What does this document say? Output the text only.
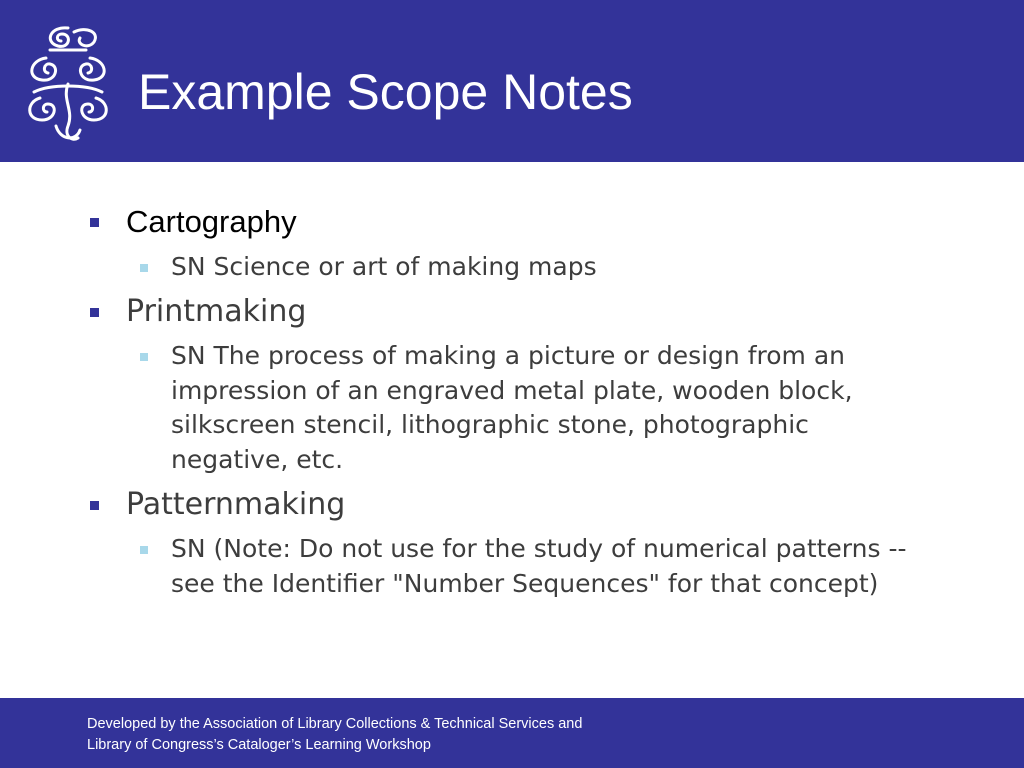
Example Scope Notes
Cartography
SN Science or art of making maps
Printmaking
SN The process of making a picture or design from an impression of an engraved metal plate, wooden block, silkscreen stencil, lithographic stone, photographic negative, etc.
Patternmaking
SN (Note: Do not use for the study of numerical patterns -- see the Identifier "Number Sequences" for that concept)
Developed by the Association of Library Collections & Technical Services and
Library of Congress’s Cataloger’s Learning Workshop
